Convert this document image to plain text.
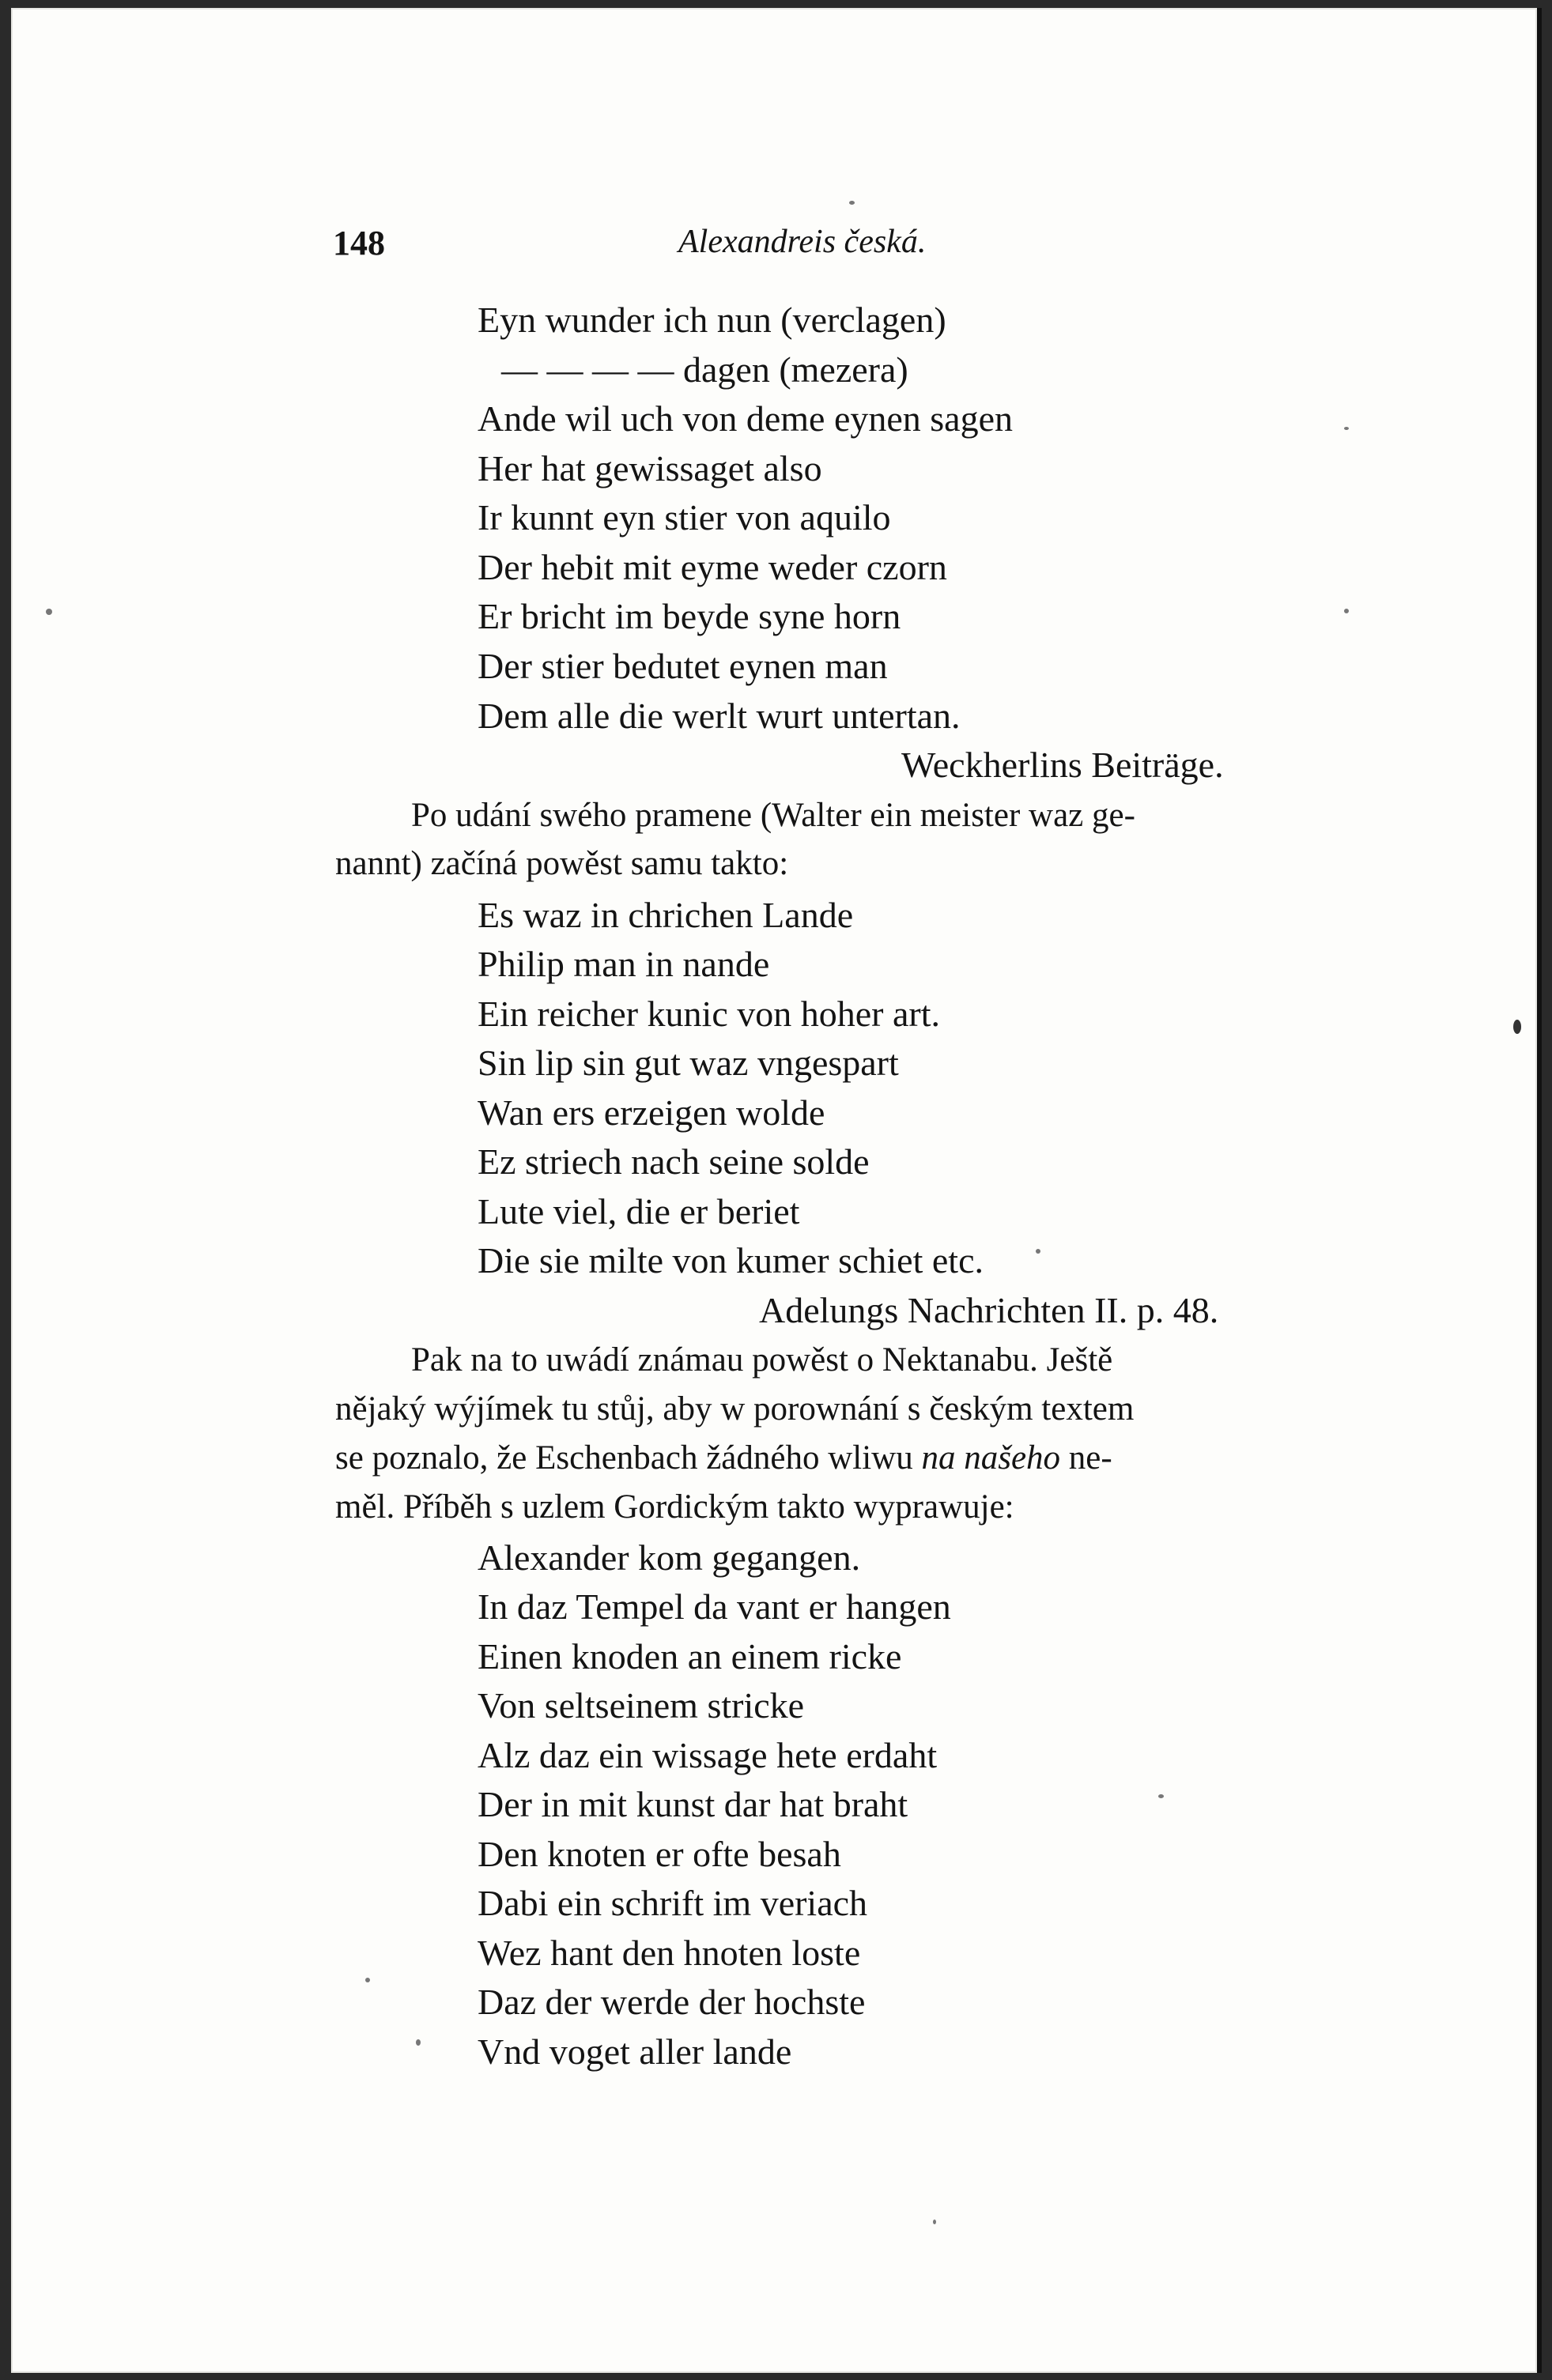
148	Alexandreis česká.
Eyn wunder ich nun (verclagen)
— — — — dagen (mezera)
Ande wil uch von deme eynen sagen
Her hat gewissaget also
Ir kunnt eyn stier von aquilo
Der hebit mit eyme weder czorn
Er bricht im beyde syne horn
Der stier bedutet eynen man
Dem alle die werlt wurt untertan.
Weckherlins Beiträge.
Po udání swého pramene (Walter ein meister waz ge-
nannt) začíná powěst samu takto:
Es waz in chrichen Lande
Philip man in nande
Ein reicher kunic von hoher art.
Sin lip sin gut waz vngespart
Wan ers erzeigen wolde
Ez striech nach seine solde
Lute viel, die er beriet
Die sie milte von kumer schiet etc.
Adelungs Nachrichten II. p. 48.
Pak na to uwádí známau powěst o Nektanabu. Ještě
nějaký wýjímek tu stůj, aby w porownání s českým textem
se poznalo, že Eschenbach žádného wliwu na našeho ne-
měl. Příběh s uzlem Gordickým takto wyprawuje:
Alexander kom gegangen.
In daz Tempel da vant er hangen
Einen knoden an einem ricke
Von seltseinem stricke
Alz daz ein wissage hete erdaht
Der in mit kunst dar hat braht
Den knoten er ofte besah
Dabi ein schrift im veriach
Wez hant den hnoten loste
Daz der werde der hochste
Vnd voget aller lande
